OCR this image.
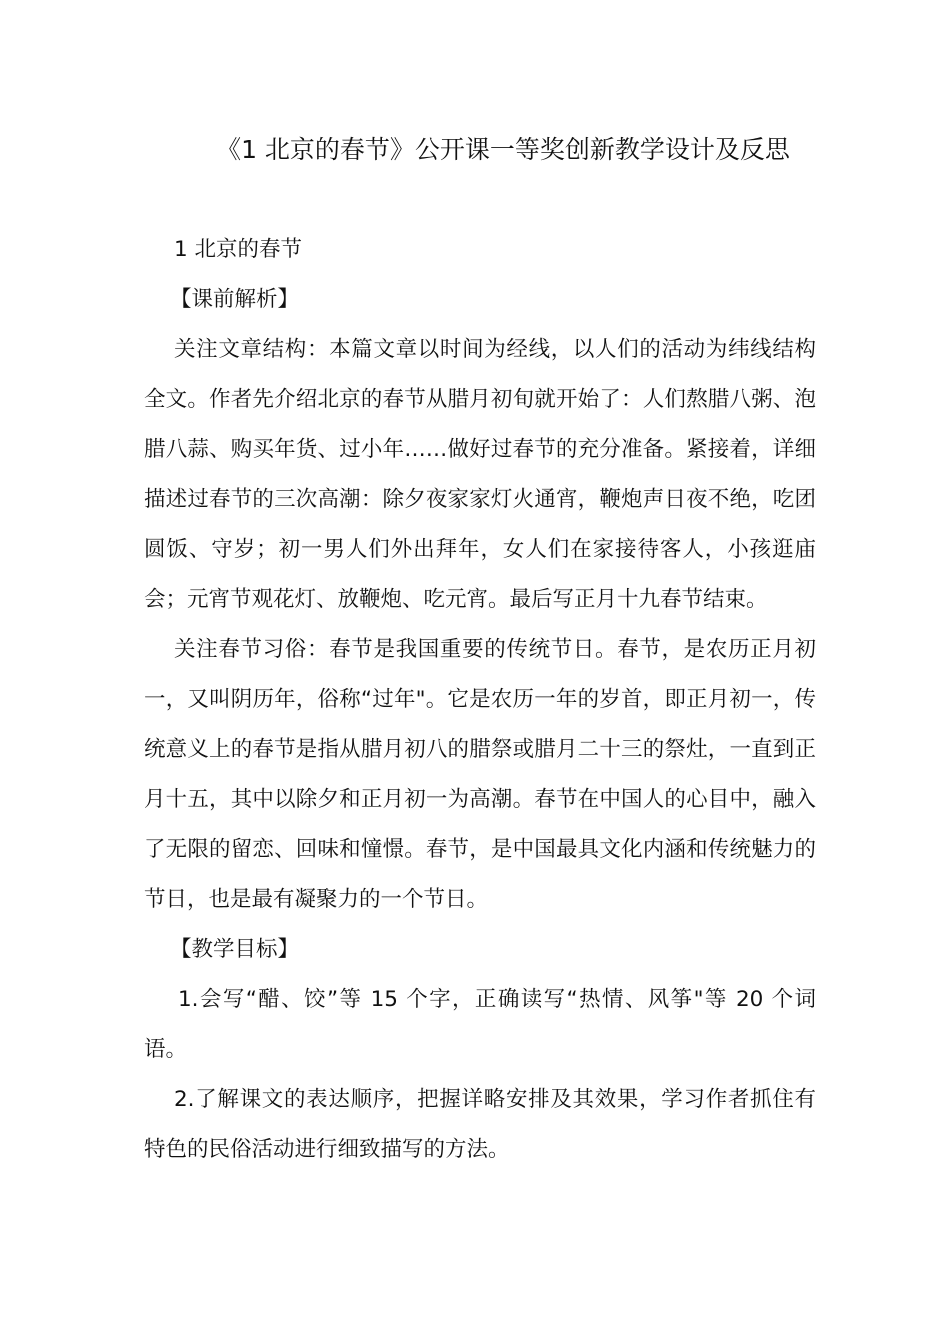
《1 北京的春节》公开课一等奖创新教学设计及反思

1 北京的春节

【课前解析】

关注文章结构：本篇文章以时间为经线，以人们的活动为纬线结构全文。作者先介绍北京的春节从腊月初旬就开始了：人们熬腊八粥、泡腊八蒜、购买年货、过小年……做好过春节的充分准备。紧接着，详细描述过春节的三次高潮：除夕夜家家灯火通宵，鞭炮声日夜不绝，吃团圆饭、守岁；初一男人们外出拜年，女人们在家接待客人，小孩逛庙会；元宵节观花灯、放鞭炮、吃元宵。最后写正月十九春节结束。

关注春节习俗：春节是我国重要的传统节日。春节，是农历正月初一，又叫阴历年，俗称“过年"。它是农历一年的岁首，即正月初一，传统意义上的春节是指从腊月初八的腊祭或腊月二十三的祭灶，一直到正月十五，其中以除夕和正月初一为高潮。春节在中国人的心目中，融入了无限的留恋、回味和憧憬。春节，是中国最具文化内涵和传统魅力的节日，也是最有凝聚力的一个节日。

【教学目标】

1.会写“醋、饺”等 15 个字，正确读写“热情、风筝"等 20 个词语。

2.了解课文的表达顺序，把握详略安排及其效果，学习作者抓住有特色的民俗活动进行细致描写的方法。
